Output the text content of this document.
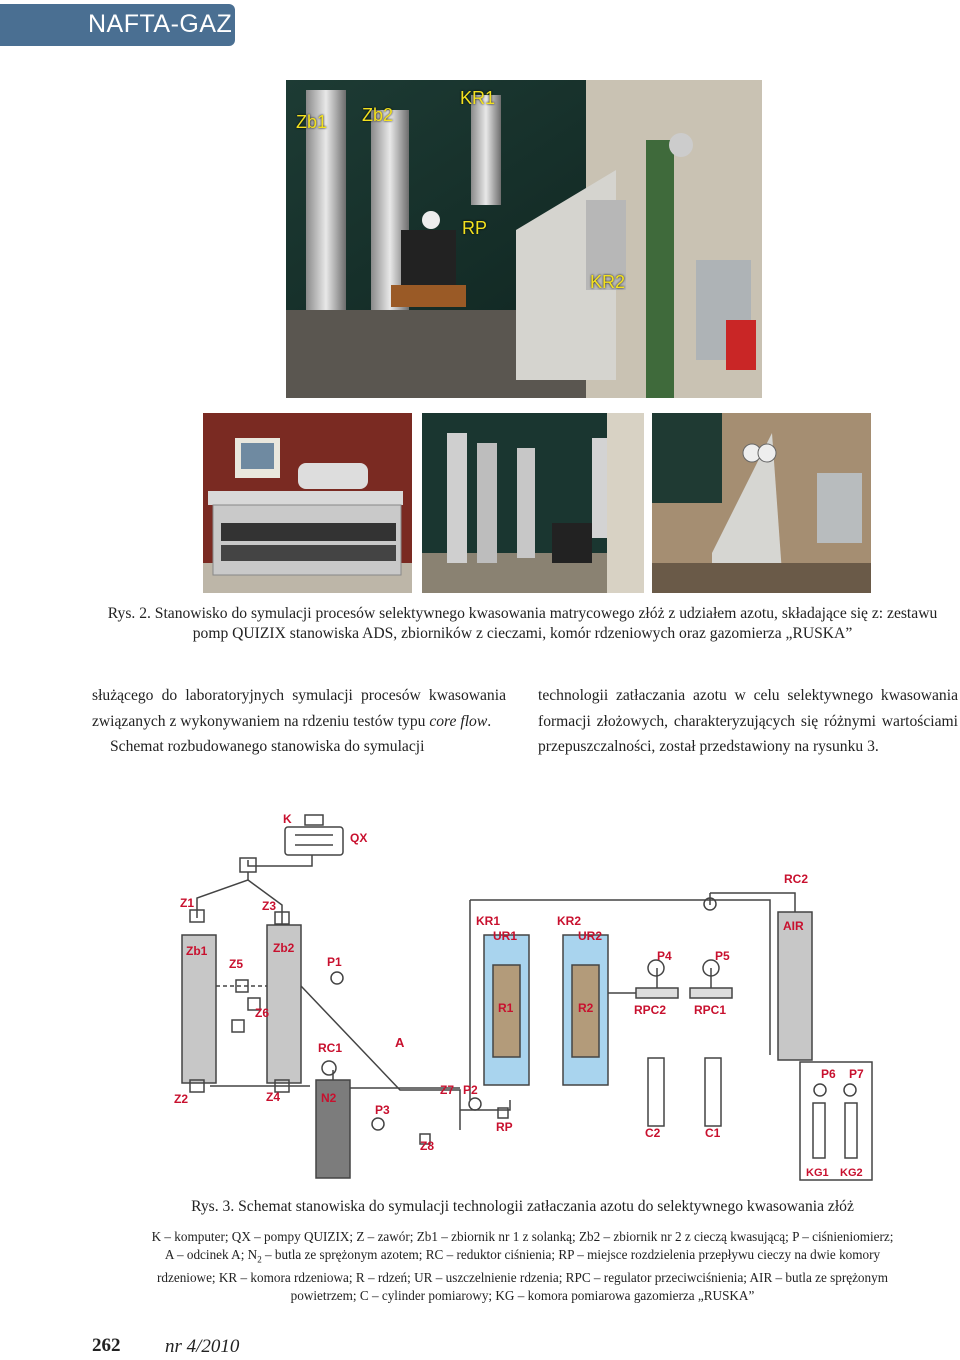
NAFTA-GAZ
Zb1 Zb2
KR1
RP
KR2
Rys. 2. Stanowisko do symulacji procesów selektywnego kwasowania matrycowego złóż z udziałem azotu, składające się z: zestawu pomp QUIZIX stanowiska ADS, zbiorników z cieczami, komór rdzeniowych oraz gazomierza „RUSKA”

służącego do laboratoryjnych symulacji procesów kwasowania związanych z wykonywaniem na rdzeniu testów typu core flow.

Schemat rozbudowanego stanowiska do symulacji

technologii zatłaczania azotu w celu selektywnego kwasowania formacji złożowych, charakteryzujących się różnymi wartościami przepuszczalności, został przedstawiony na rysunku 3.

K
QX
Z1	Z3
Zb1
Z5
Zb2
P1
Z6
KR1
UR1
R1
KR2
UR2
R2
P4	P5
RPC2 RPC1
RC2
AIR
RC1	A
Z2	Z4	N2
P3
Z7 P2
Z8
RP	C2	C1
P6 P7
KG1 KG2
Rys. 3. Schemat stanowiska do symulacji technologii zatłaczania azotu do selektywnego kwasowania złóż
K – komputer; QX – pompy QUIZIX; Z – zawór; Zb1 – zbiornik nr 1 z solanką; Zb2 – zbiornik nr 2 z cieczą kwasującą; P – ciśnieniomierz;
A – odcinek A; $N_2$ – butla ze sprężonym azotem; RC – reduktor ciśnienia; RP – miejsce rozdzielenia przepływu cieczy na dwie komory
rdzeniowe; KR – komora rdzeniowa; R – rdzeń; UR – uszczelnienie rdzenia; RPC – regulator przeciwciśnienia; AIR – butla ze sprężonym
powietrzem; C – cylinder pomiarowy; KG – komora pomiarowa gazomierza „RUSKA”
262 nr 4/2010
